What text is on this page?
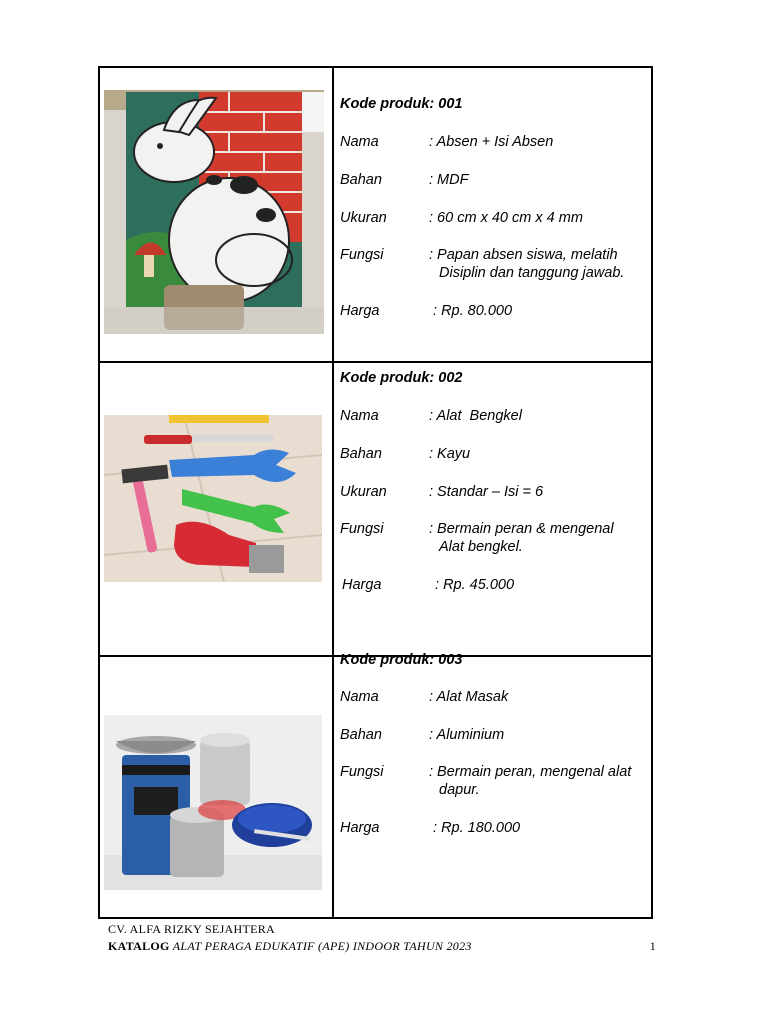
Kode produk: 001
Nama	: Absen + Isi Absen
Bahan	: MDF
Ukuran	: 60 cm x 40 cm x 4 mm
Fungsi	: Papan absen siswa, melatih
Disiplin dan tanggung jawab.
Harga	: Rp. 80.000
Kode produk: 002
Nama	: Alat  Bengkel
Bahan	: Kayu
Ukuran	: Standar – Isi = 6
Fungsi	: Bermain peran & mengenal
Alat bengkel.
Harga	: Rp. 45.000
Kode produk: 003
Nama	: Alat Masak
Bahan	: Aluminium
Fungsi	: Bermain peran, mengenal alat
dapur.
Harga	: Rp. 180.000
CV. ALFA RIZKY SEJAHTERA
KATALOG ALAT PERAGA EDUKATIF (APE) INDOOR TAHUN 2023	1
